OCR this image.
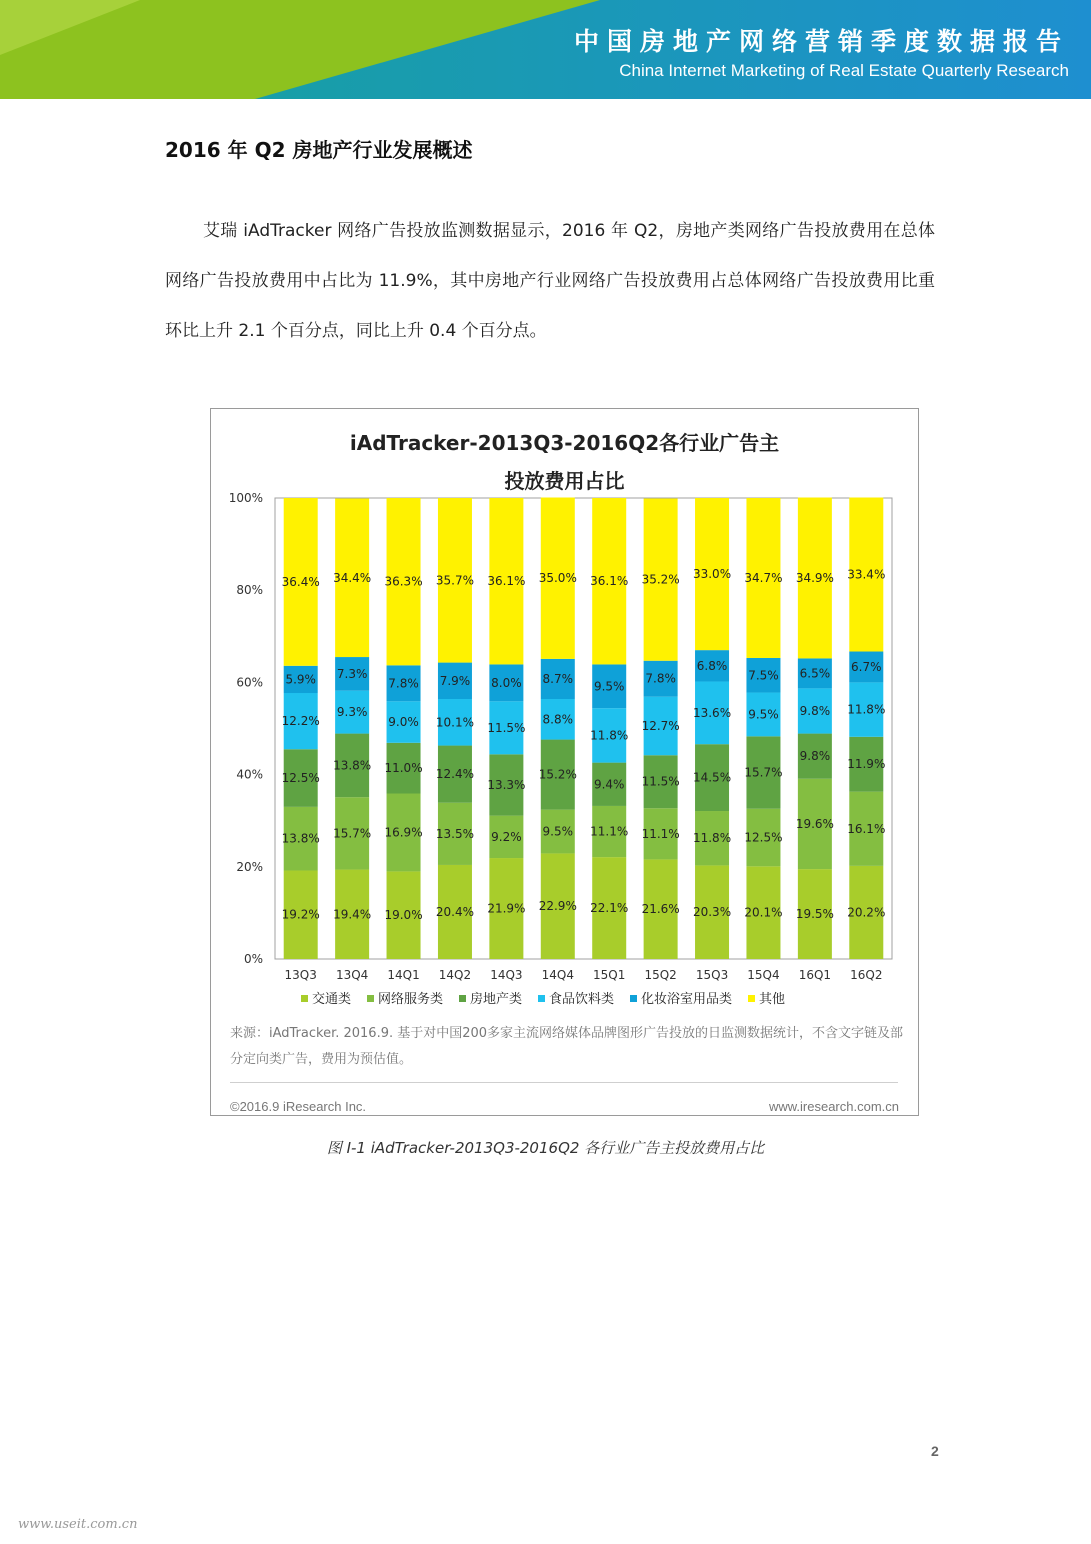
中国房地产网络营销季度数据报告
China Internet Marketing of Real Estate Quarterly Research
2016 年 Q2 房地产行业发展概述
艾瑞 iAdTracker 网络广告投放监测数据显示，2016 年 Q2，房地产类网络广告投放费用在总体网络广告投放费用中占比为 11.9%，其中房地产行业网络广告投放费用占总体网络广告投放费用比重环比上升 2.1 个百分点，同比上升 0.4 个百分点。
iAdTracker-2013Q3-2016Q2各行业广告主
投放费用占比
0%
20%
40%
60%
80%
100%
19.2%
13.8%
12.5%
12.2%
5.9%
36.4%
13Q3
19.4%
15.7%
13.8%
9.3%
7.3%
34.4%
13Q4
19.0%
16.9%
11.0%
9.0%
7.8%
36.3%
14Q1
20.4%
13.5%
12.4%
10.1%
7.9%
35.7%
14Q2
21.9%
9.2%
13.3%
11.5%
8.0%
36.1%
14Q3
22.9%
9.5%
15.2%
8.8%
8.7%
35.0%
14Q4
22.1%
11.1%
9.4%
11.8%
9.5%
36.1%
15Q1
21.6%
11.1%
11.5%
12.7%
7.8%
35.2%
15Q2
20.3%
11.8%
14.5%
13.6%
6.8%
33.0%
15Q3
20.1%
12.5%
15.7%
9.5%
7.5%
34.7%
15Q4
19.5%
19.6%
9.8%
9.8%
6.5%
34.9%
16Q1
20.2%
16.1%
11.9%
11.8%
6.7%
33.4%
16Q2
交通类 网络服务类 房地产类 食品饮料类 化妆浴室用品类 其他
来源：iAdTracker. 2016.9. 基于对中国200多家主流网络媒体品牌图形广告投放的日监测数据统计，不含文字链及部分定向类广告，费用为预估值。
©2016.9 iResearch Inc.	www.iresearch.com.cn
图 I-1 iAdTracker-2013Q3-2016Q2 各行业广告主投放费用占比
2
www.useit.com.cn
